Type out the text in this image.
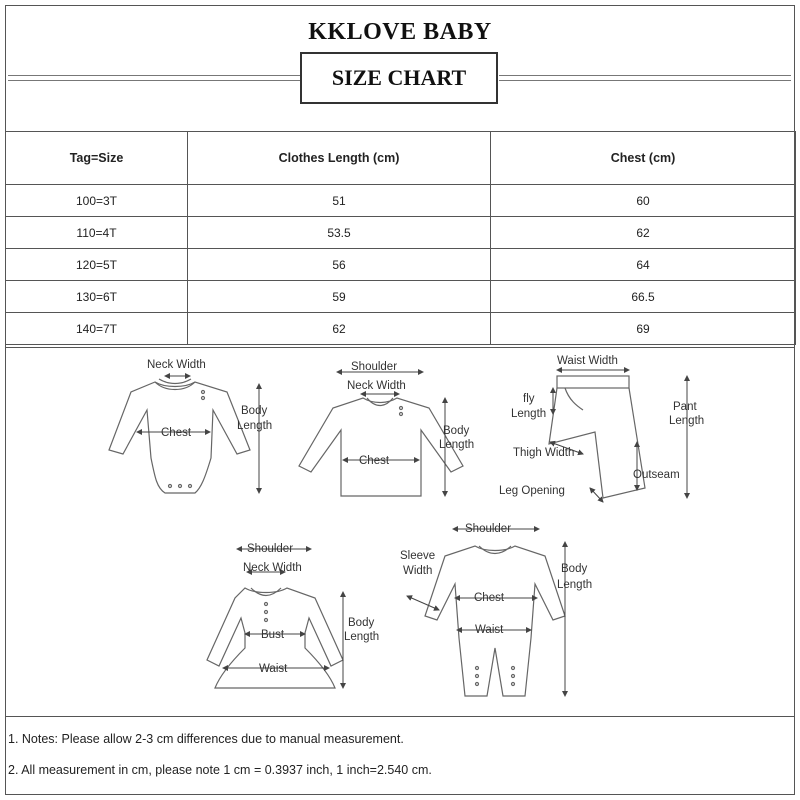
KKLOVE BABY
SIZE CHART
Tag=Size	Clothes Length (cm)	Chest (cm)
100=3T	51	60
110=4T	53.5	62
120=5T	56	64
130=6T	59	66.5
140=7T	62	69
Neck Width
Chest
Body
Length
Shoulder
Neck Width
Chest
Body
Length
Waist Width
fly
Length
Pant
Length
Thigh Width
Outseam
Leg Opening
Shoulder
Neck Width
Bust
Waist
Body
Length
Shoulder
Sleeve
Width
Chest
Waist
Body
Length
1. Notes: Please allow 2-3 cm differences due to manual measurement.
2. All measurement in cm, please note 1 cm = 0.3937 inch, 1 inch=2.540 cm.
